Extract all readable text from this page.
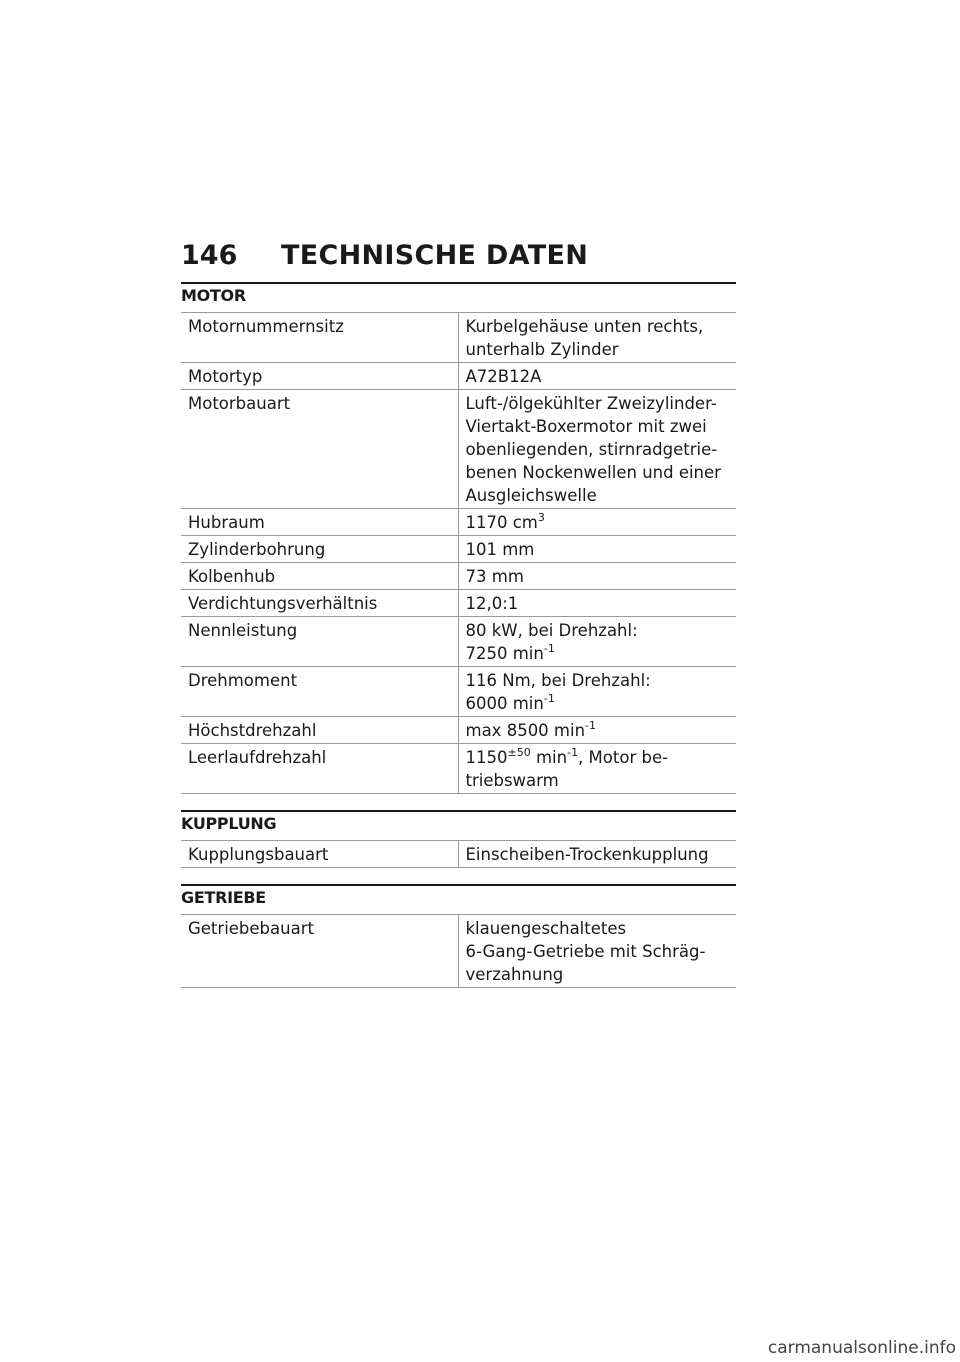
146	TECHNISCHE DATEN
MOTOR
Motornummernsitz	Kurbelgehäuse unten rechts,
unterhalb Zylinder

Motortyp	A72B12A

Motorbauart	Luft-/ölgekühlter Zweizylinder-
Viertakt-Boxermotor mit zwei
obenliegenden, stirnradgetrie-
benen Nockenwellen und einer
Ausgleichswelle

Hubraum	1170 $cm^3$

Zylinderbohrung	101 mm

Kolbenhub	73 mm

Verdichtungsverhältnis	12,0:1

Nennleistung	80 kW, bei Drehzahl:
7250 $\min^{-1}$

Drehmoment	116 Nm, bei Drehzahl:
6000 $\min^{-1}$

Höchstdrehzahl	max 8500 $\min^{-1}$

Leerlaufdrehzahl	$1150^{\pm 50}$ $\min^{-1}$, Motor be-
triebswarm
KUPPLUNG
Kupplungsbauart	Einscheiben-Trockenkupplung
GETRIEBE
Getriebebauart	klauengeschaltetes
6-Gang-Getriebe mit Schräg-
verzahnung
carmanualsonline.info
